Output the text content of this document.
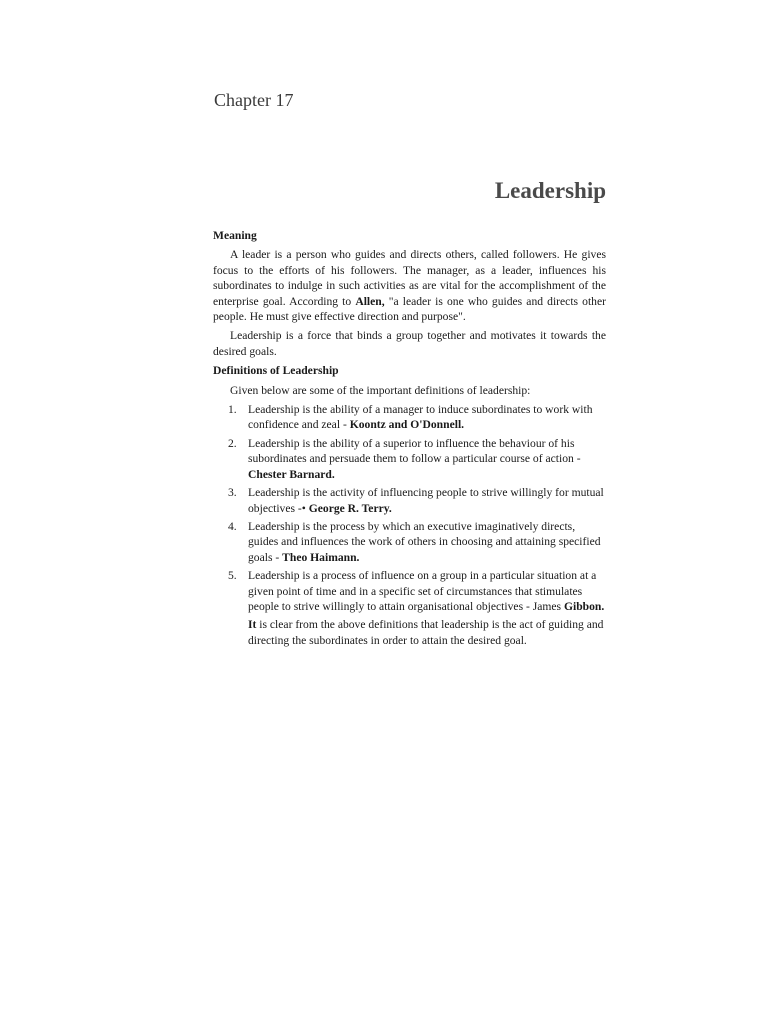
Chapter 17
Leadership
Meaning

A leader is a person who guides and directs others, called followers. He gives focus to the efforts of his followers. The manager, as a leader, influences his subordinates to indulge in such activities as are vital for the accomplishment of the enterprise goal. According to Allen, "a leader is one who guides and directs other people. He must give effective direction and purpose".

Leadership is a force that binds a group together and motivates it towards the desired goals.

Definitions of Leadership

Given below are some of the important definitions of leadership:

1. Leadership is the ability of a manager to induce subordinates to work with confidence and zeal - Koontz and O'Donnell.
2. Leadership is the ability of a superior to influence the behaviour of his subordinates and persuade them to follow a particular course of action - Chester Barnard.
3. Leadership is the activity of influencing people to strive willingly for mutual objectives -• George R. Terry.
4. Leadership is the process by which an executive imaginatively directs, guides and influences the work of others in choosing and attaining specified goals - Theo Haimann.
5. Leadership is a process of influence on a group in a particular situation at a given point of time and in a specific set of circumstances that stimulates people to strive willingly to attain organisational objectives - James Gibbon.

It is clear from the above definitions that leadership is the act of guiding and directing the subordinates in order to attain the desired goal.
